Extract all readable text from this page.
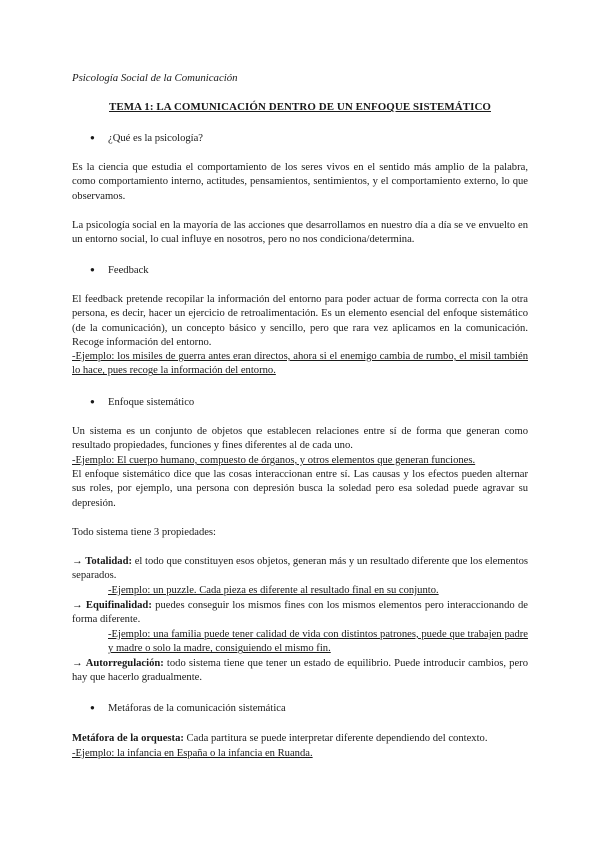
Psicología Social de la Comunicación

TEMA 1: LA COMUNICACIÓN DENTRO DE UN ENFOQUE SISTEMÁTICO

● ¿Qué es la psicología?

Es la ciencia que estudia el comportamiento de los seres vivos en el sentido más amplio de la palabra, como comportamiento interno, actitudes, pensamientos, sentimientos, y el comportamiento externo, lo que observamos.

La psicología social en la mayoría de las acciones que desarrollamos en nuestro día a día se ve envuelto en un entorno social, lo cual influye en nosotros, pero no nos condiciona/determina.

● Feedback

El feedback pretende recopilar la información del entorno para poder actuar de forma correcta con la otra persona, es decir, hacer un ejercicio de retroalimentación. Es un elemento esencial del enfoque sistemático (de la comunicación), un concepto básico y sencillo, pero que rara vez aplicamos en la comunicación. Recoge información del entorno.

-Ejemplo: los misiles de guerra antes eran directos, ahora si el enemigo cambia de rumbo, el misil también lo hace, pues recoge la información del entorno.

● Enfoque sistemático

Un sistema es un conjunto de objetos que establecen relaciones entre sí de forma que generan como resultado propiedades, funciones y fines diferentes al de cada uno.

-Ejemplo: El cuerpo humano, compuesto de órganos, y otros elementos que generan funciones.

El enfoque sistemático dice que las cosas interaccionan entre sí. Las causas y los efectos pueden alternar sus roles, por ejemplo, una persona con depresión busca la soledad pero esa soledad puede agravar su depresión.

Todo sistema tiene 3 propiedades:

→ Totalidad: el todo que constituyen esos objetos, generan más y un resultado diferente que los elementos separados.

-Ejemplo: un puzzle. Cada pieza es diferente al resultado final en su conjunto.

→ Equifinalidad: puedes conseguir los mismos fines con los mismos elementos pero interaccionando de forma diferente.

-Ejemplo: una familia puede tener calidad de vida con distintos patrones, puede que trabajen padre y madre o solo la madre, consiguiendo el mismo fin.

→ Autorregulación: todo sistema tiene que tener un estado de equilibrio. Puede introducir cambios, pero hay que hacerlo gradualmente.

● Metáforas de la comunicación sistemática

Metáfora de la orquesta: Cada partitura se puede interpretar diferente dependiendo del contexto.

-Ejemplo: la infancia en España o la infancia en Ruanda.
